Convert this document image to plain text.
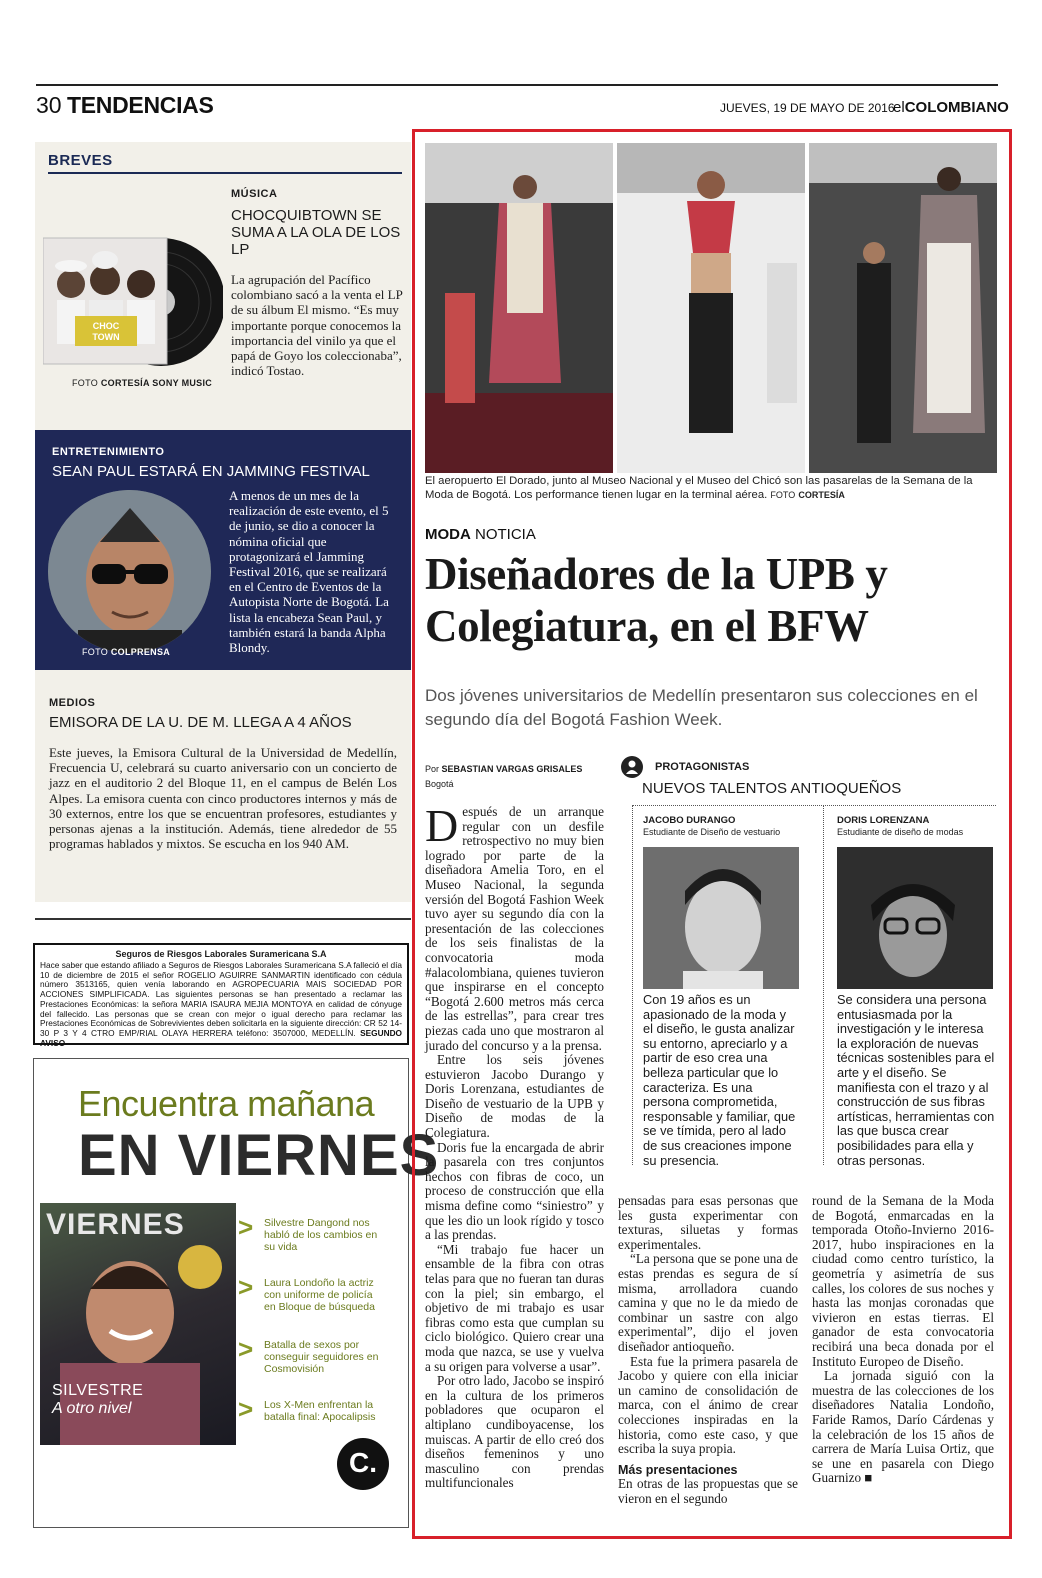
30 TENDENCIAS	JUEVES, 19 DE MAYO DE 2016
elCOLOMBIANO
BREVES
CHOC
TOWN
FOTO CORTESÍA SONY MUSIC
MÚSICA
CHOCQUIBTOWN SE SUMA A LA OLA DE LOS LP
La agrupación del Pacífico colombiano sacó a la venta el LP de su álbum El mismo. “Es muy importante porque conocemos la importancia del vinilo ya que el papá de Goyo los coleccionaba”, indicó Tostao.
ENTRETENIMIENTO
SEAN PAUL ESTARÁ EN JAMMING FESTIVAL
FOTO COLPRENSA
A menos de un mes de la realización de este evento, el 5 de junio, se dio a conocer la nómina oficial que protagonizará el Jamming Festival 2016, que se realizará en el Centro de Eventos de la Autopista Norte de Bogotá. La lista la encabeza Sean Paul, y también estará la banda Alpha Blondy.
MEDIOS
EMISORA DE LA U. DE M. LLEGA A 4 AÑOS
Este jueves, la Emisora Cultural de la Universidad de Medellín, Frecuencia U, celebrará su cuarto aniversario con un concierto de jazz en el auditorio 2 del Bloque 11, en el campus de Belén Los Alpes. La emisora cuenta con cinco productores internos y más de 30 externos, entre los que se encuentran profesores, estudiantes y personas ajenas a la institución. Además, tiene alrededor de 55 programas hablados y mixtos. Se escucha en los 940 AM.
Seguros de Riesgos Laborales Suramericana S.A
Hace saber que estando afiliado a Seguros de Riesgos Laborales Suramericana S.A falleció el día 10 de diciembre de 2015 el señor ROGELIO AGUIRRE SANMARTIN identificado con cédula número 3513165, quien venía laborando en AGROPECUARIA MAIS SOCIEDAD POR ACCIONES SIMPLIFICADA. Las siguientes personas se han presentado a reclamar las Prestaciones Económicas: la señora MARIA ISAURA MEJIA MONTOYA en calidad de cónyuge del fallecido. Las personas que se crean con mejor o igual derecho para reclamar las Prestaciones Económicas de Sobrevivientes deben solicitarla en la siguiente dirección: CR 52 14-30 P 3 Y 4 CTRO EMP/RIAL OLAYA HERRERA teléfono: 3507000, MEDELLÍN. SEGUNDO AVISO
Encuentra mañana
EN VIERNES
VIERNES
SILVESTRE
A otro nivel
> Silvestre Dangond nos habló de los cambios en su vida
> Laura Londoño la actriz con uniforme de policía en Bloque de búsqueda
> Batalla de sexos por conseguir seguidores en Cosmovisión
> Los X-Men enfrentan la batalla final: Apocalipsis
C.
El aeropuerto El Dorado, junto al Museo Nacional y el Museo del Chicó son las pasarelas de la Semana de la Moda de Bogotá. Los performance tienen lugar en la terminal aérea. FOTO CORTESÍA
MODA NOTICIA
Diseñadores de la UPB y Colegiatura, en el BFW
Dos jóvenes universitarios de Medellín presentaron sus colecciones en el segundo día del Bogotá Fashion Week.
Por SEBASTIAN VARGAS GRISALES
Bogotá

Después de un arranque regular con un desfile retrospectivo no muy bien logrado por parte de la diseñadora Amelia Toro, en el Museo Nacional, la segunda versión del Bogotá Fashion Week tuvo ayer su segundo día con la presentación de las colecciones de los seis finalistas de la convocatoria moda #alacolombiana, quienes tuvieron que inspirarse en el concepto “Bogotá 2.600 metros más cerca de las estrellas”, para crear tres piezas cada uno que mostraron al jurado del concurso y a la prensa.

Entre los seis jóvenes estuvieron Jacobo Durango y Doris Lorenzana, estudiantes de Diseño de vestuario de la UPB y Diseño de modas de la Colegiatura.

Doris fue la encargada de abrir la pasarela con tres conjuntos hechos con fibras de coco, un proceso de construcción que ella misma define como “siniestro” y que les dio un look rígido y tosco a las prendas.

“Mi trabajo fue hacer un ensamble de la fibra con otras telas para que no fueran tan duras con la piel; sin embargo, el objetivo de mi trabajo es usar fibras como esta que cumplan su ciclo biológico. Quiero crear una moda que nazca, se use y vuelva a su origen para volverse a usar”.

Por otro lado, Jacobo se inspiró en la cultura de los primeros pobladores que ocuparon el altiplano cundiboyacense, los muiscas. A partir de ello creó dos diseños femeninos y uno masculino con prendas multifuncionales

PROTAGONISTAS
NUEVOS TALENTOS ANTIOQUEÑOS
JACOBO DURANGO
Estudiante de Diseño de vestuario
Con 19 años es un apasionado de la moda y el diseño, le gusta analizar su entorno, apreciarlo y a partir de eso crea una belleza particular que lo caracteriza. Es una persona comprometida, responsable y familiar, que se ve tímida, pero al lado de sus creaciones impone su presencia.
DORIS LORENZANA
Estudiante de diseño de modas
Se considera una persona entusiasmada por la investigación y le interesa la exploración de nuevas técnicas sostenibles para el arte y el diseño. Se manifiesta con el trazo y al construcción de sus fibras artísticas, herramientas con las que busca crear posibilidades para ella y otras personas.

pensadas para esas personas que les gusta experimentar con texturas, siluetas y formas experimentales.

“La persona que se pone una de estas prendas es segura de sí misma, arrolladora cuando camina y que no le da miedo de combinar un sastre con algo experimental”, dijo el joven diseñador antioqueño.

Esta fue la primera pasarela de Jacobo y quiere con ella iniciar un camino de consolidación de marca, con el ánimo de crear colecciones inspiradas en la historia, como este caso, y que escriba la suya propia.

Más presentaciones

En otras de las propuestas que se vieron en el segundo

round de la Semana de la Moda de Bogotá, enmarcadas en la temporada Otoño-Invierno 2016-2017, hubo inspiraciones en la ciudad como centro turístico, la geometría y asimetría de sus calles, los colores de sus noches y hasta las monjas coronadas que vivieron en estas tierras. El ganador de esta convocatoria recibirá una beca donada por el Instituto Europeo de Diseño.

La jornada siguió con la muestra de las colecciones de los diseñadores Natalia Londoño, Faride Ramos, Darío Cárdenas y la celebración de los 15 años de carrera de María Luisa Ortiz, que se une en pasarela con Diego Guarnizo ■
